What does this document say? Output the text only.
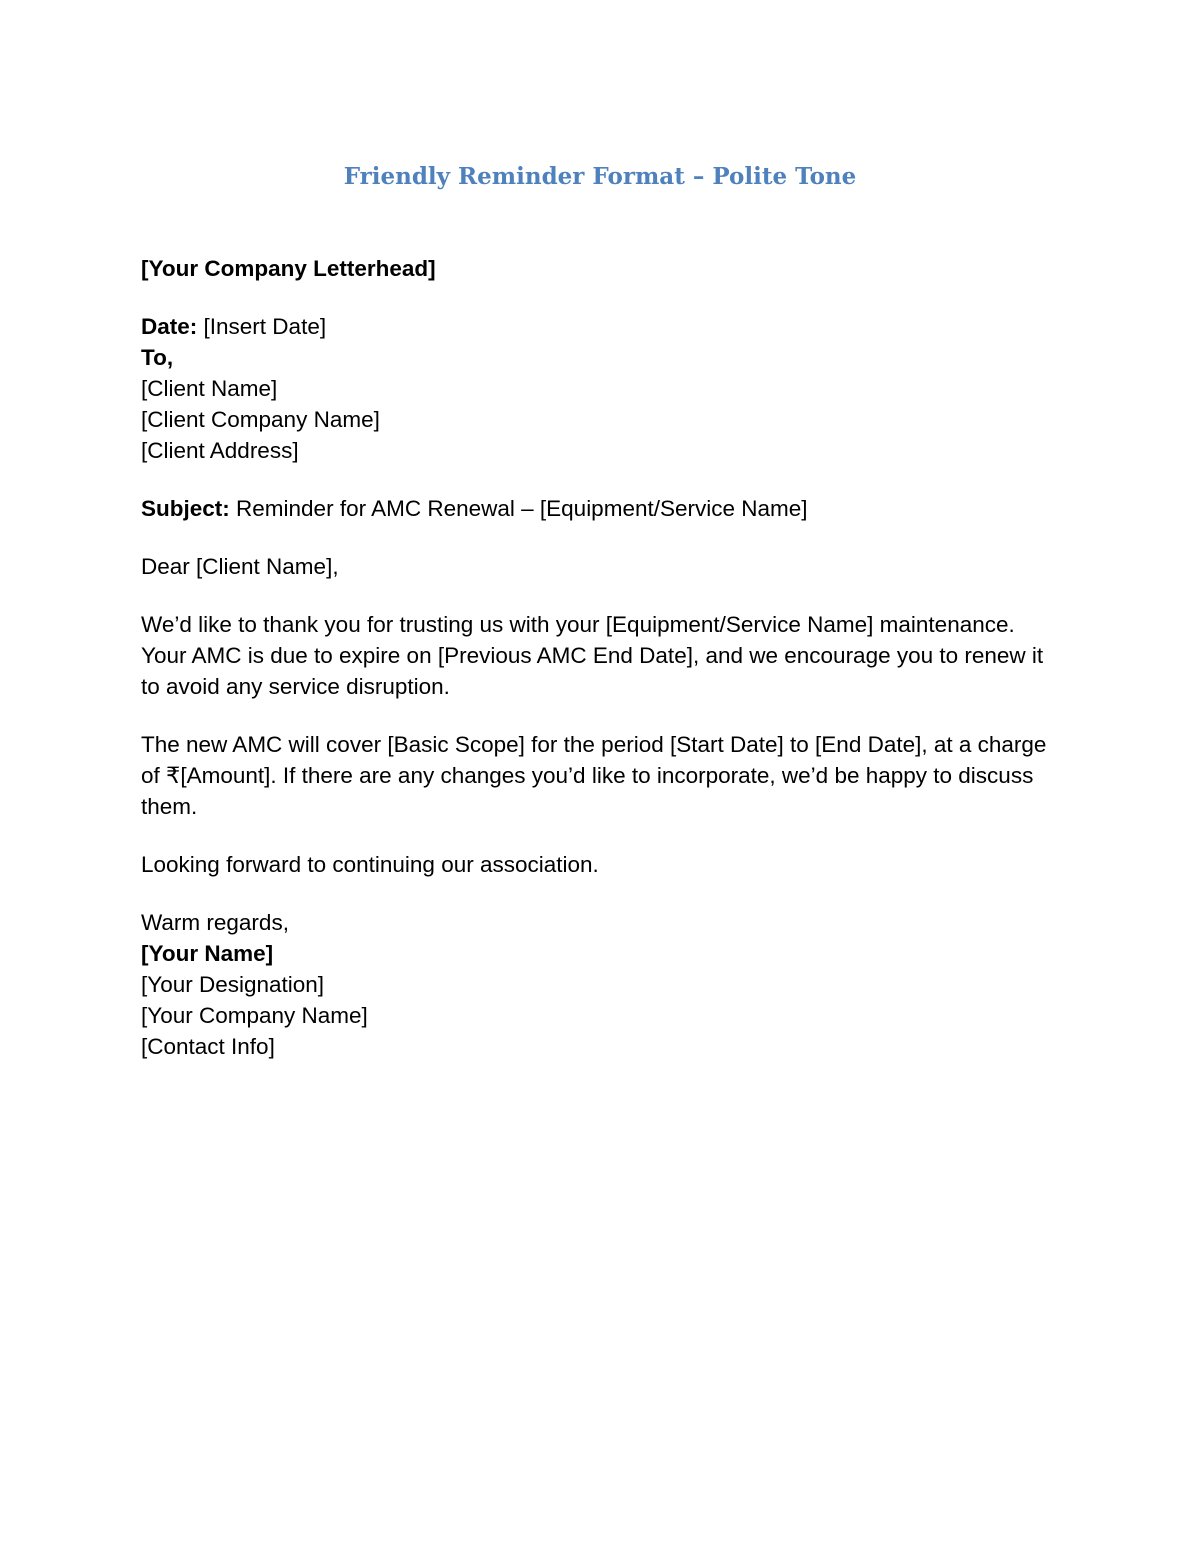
Friendly Reminder Format – Polite Tone

[Your Company Letterhead]

Date: [Insert Date]

To,

[Client Name]

[Client Company Name]

[Client Address]

Subject: Reminder for AMC Renewal – [Equipment/Service Name]

Dear [Client Name],

We’d like to thank you for trusting us with your [Equipment/Service Name] maintenance. Your AMC is due to expire on [Previous AMC End Date], and we encourage you to renew it to avoid any service disruption.

The new AMC will cover [Basic Scope] for the period [Start Date] to [End Date], at a charge of ₹[Amount]. If there are any changes you’d like to incorporate, we’d be happy to discuss them.

Looking forward to continuing our association.

Warm regards,

[Your Name]

[Your Designation]

[Your Company Name]

[Contact Info]
